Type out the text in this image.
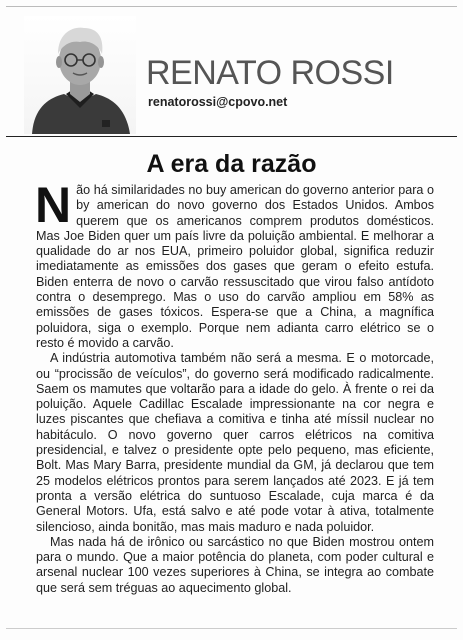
RENATO ROSSI
renatorossi@cpovo.net
A era da razão

Não há similaridades no buy american do governo anterior para o by american do novo governo dos Estados Unidos. Ambos querem que os americanos comprem produtos domésticos. Mas Joe Biden quer um país livre da poluição ambiental. E melhorar a qualidade do ar nos EUA, primeiro poluidor global, significa reduzir imediatamente as emissões dos gases que geram o efeito estufa. Biden enterra de novo o carvão ressuscitado que virou falso antídoto contra o desemprego. Mas o uso do carvão ampliou em 58% as emissões de gases tóxicos. Espera-se que a China, a magnífica poluidora, siga o exemplo. Porque nem adianta carro elétrico se o resto é movido a carvão.

A indústria automotiva também não será a mesma. E o motorcade, ou “procissão de veículos”, do governo será modificado radicalmente. Saem os mamutes que voltarão para a idade do gelo. À frente o rei da poluição. Aquele Cadillac Escalade impressionante na cor negra e luzes piscantes que chefiava a comitiva e tinha até míssil nuclear no habitáculo. O novo governo quer carros elétricos na comitiva presidencial, e talvez o presidente opte pelo pequeno, mas eficiente, Bolt. Mas Mary Barra, presidente mundial da GM, já declarou que tem 25 modelos elétricos prontos para serem lançados até 2023. E já tem pronta a versão elétrica do suntuoso Escalade, cuja marca é da General Motors. Ufa, está salvo e até pode votar à ativa, totalmente silencioso, ainda bonitão, mas mais maduro e nada poluidor.

Mas nada há de irônico ou sarcástico no que Biden mostrou ontem para o mundo. Que a maior potência do planeta, com poder cultural e arsenal nuclear 100 vezes superiores à China, se integra ao combate que será sem tréguas ao aquecimento global.
